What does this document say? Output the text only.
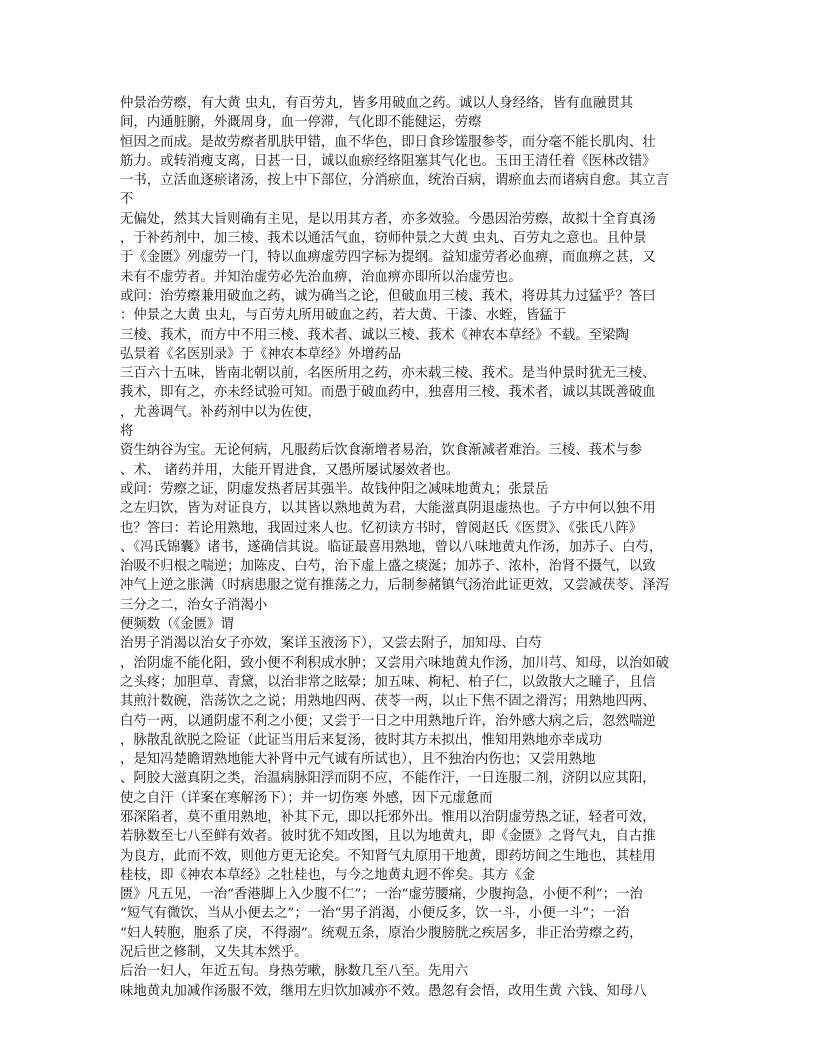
仲景治劳瘵，有大黄 虫丸，有百劳丸，皆多用破血之药。诚以人身经络，皆有血融贯其
间，内通脏腑，外溉周身，血一停滞，气化即不能健运，劳瘵
恒因之而成。是故劳瘵者肌肤甲错，血不华色，即日食珍馐服参苓，而分毫不能长肌肉、壮
筋力。或转消瘦支离，日甚一日，诚以血瘀经络阻塞其气化也。玉田王清任着《医林改错》
一书，立活血逐瘀诸汤，按上中下部位，分消瘀血，统治百病，谓瘀血去而诸病自愈。其立言
不
无偏处，然其大旨则确有主见，是以用其方者，亦多效验。今愚因治劳瘵，故拟十全育真汤
，于补药剂中，加三棱、莪术以通活气血，窃师仲景之大黄 虫丸、百劳丸之意也。且仲景
于《金匮》列虚劳一门，特以血痹虚劳四字标为提纲。益知虚劳者必血痹，而血痹之甚，又
未有不虚劳者。并知治虚劳必先治血痹，治血痹亦即所以治虚劳也。
或问：治劳瘵兼用破血之药，诚为确当之论，但破血用三棱、莪术，将毋其力过猛乎？答曰
：仲景之大黄 虫丸，与百劳丸所用破血之药，若大黄、干漆、水蛭，皆猛于
三棱、莪术，而方中不用三棱、莪术者、诚以三棱、莪术《神农本草经》不载。至梁陶
弘景着《名医别录》于《神农本草经》外增药品
三百六十五味，皆南北朝以前，名医所用之药，亦未载三棱、莪术。是当仲景时犹无三棱、
莪术，即有之，亦未经试验可知。而愚于破血药中，独喜用三棱、莪术者，诚以其既善破血
，尤善调气。补药剂中以为佐使，
将
资生纳谷为宝。无论何病，凡服药后饮食渐增者易治，饮食渐减者难治。三棱、莪术与参
、术、 诸药并用，大能开胃进食，又愚所屡试屡效者也。
或问：劳瘵之证，阴虚发热者居其强半。故钱仲阳之减味地黄丸；张景岳
之左归饮，皆为对证良方，以其皆以熟地黄为君，大能滋真阴退虚热也。子方中何以独不用
也？答曰：若论用熟地，我固过来人也。忆初读方书时，曾阅赵氏《医贯》、《张氏八阵》
、《冯氏锦囊》诸书，遂确信其说。临证最喜用熟地，曾以八味地黄丸作汤，加苏子、白芍，
治吸不归根之喘逆；加陈皮、白芍，治下虚上盛之痰涎；加苏子、浓朴，治肾不摄气，以致
冲气上逆之胀满（时病患服之觉有推荡之力，后制参赭镇气汤治此证更效，又尝减茯苓、泽泻
三分之二，治女子消渴小
便频数（《金匮》谓
治男子消渴以治女子亦效，案详玉液汤下），又尝去附子，加知母、白芍
，治阴虚不能化阳，致小便不利积成水肿；又尝用六味地黄丸作汤，加川芎、知母，以治如破
之头疼；加胆草、青黛，以治非常之眩晕；加五味、枸杞、柏子仁，以敛散大之瞳子，且信
其煎汁数碗，浩荡饮之之说；用熟地四两、茯苓一两，以止下焦不固之滑泻；用熟地四两、
白芍一两，以通阴虚不利之小便；又尝于一日之中用熟地斤许，治外感大病之后，忽然喘逆
，脉散乱欲脱之险证（此证当用后来复汤，彼时其方未拟出，惟知用熟地亦幸成功
，是知冯楚瞻谓熟地能大补肾中元气诚有所试也），且不独治内伤也；又尝用熟地
、阿胶大滋真阴之类，治温病脉阳浮而阴不应，不能作汗，一日连服二剂，济阴以应其阳，
使之自汗（详案在寒解汤下）；并一切伤寒 外感，因下元虚惫而
邪深陷者，莫不重用熟地，补其下元，即以托邪外出。惟用以治阴虚劳热之证，轻者可效，
若脉数至七八至鲜有效者。彼时犹不知改图，且以为地黄丸，即《金匮》之肾气丸，自古推
为良方，此而不效，则他方更无论矣。不知肾气丸原用干地黄，即药坊间之生地也，其桂用
桂枝，即《神农本草经》之牡桂也，与今之地黄丸迥不侔矣。其方《金
匮》凡五见，一治“香港脚上入少腹不仁”；一治“虚劳腰痛，少腹拘急，小便不利”；一治
“短气有微饮，当从小便去之”；一治“男子消渴，小便反多，饮一斗，小便一斗”；一治
“妇人转胞，胞系了戾，不得溺”。统观五条，原治少腹膀胱之疾居多，非正治劳瘵之药，
况后世之修制，又失其本然乎。
后治一妇人，年近五旬。身热劳嗽，脉数几至八至。先用六
味地黄丸加减作汤服不效，继用左归饮加减亦不效。愚忽有会悟，改用生黄 六钱、知母八
